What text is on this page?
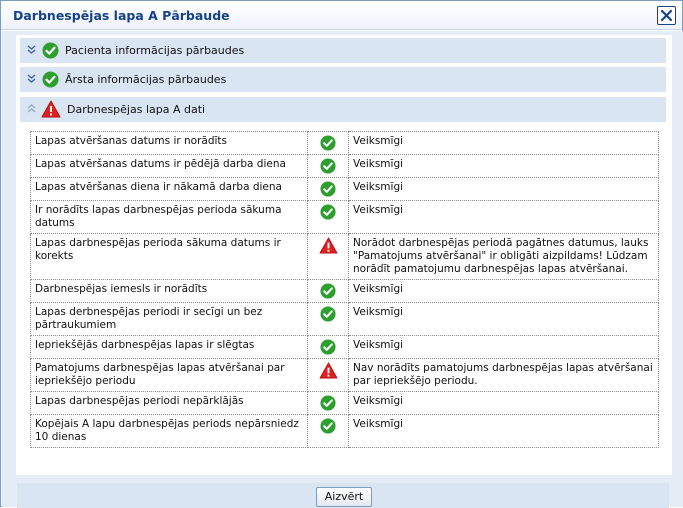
Darbnespējas lapa A Pārbaude
Pacienta informācijas pārbaudes
Ārsta informācijas pārbaudes
Darbnespējas lapa A dati
Lapas atvēršanas datums ir norādīts		Veiksmīgi
Lapas atvēršanas datums ir pēdējā darba diena		Veiksmīgi
Lapas atvēršanas diena ir nākamā darba diena		Veiksmīgi
Ir norādīts lapas darbnespējas perioda sākuma datums		Veiksmīgi
Lapas darbnespējas perioda sākuma datums ir korekts		Norādot darbnespējas periodā pagātnes datumus, lauks "Pamatojums atvēršanai" ir obligāti aizpildams! Lūdzam norādīt pamatojumu darbnespējas lapas atvēršanai.
Darbnespējas iemesls ir norādīts		Veiksmīgi
Lapas derbnespējas periodi ir secīgi un bez pārtraukumiem		Veiksmīgi
Iepriekšējās darbnespējas lapas ir slēgtas		Veiksmīgi
Pamatojums darbnespējas lapas atvēršanai par iepriekšējo periodu		Nav norādīts pamatojums darbnespējas lapas atvēršanai par iepriekšējo periodu.
Lapas darbnespējas periodi nepārklājās		Veiksmīgi
Kopējais A lapu darbnespējas periods nepārsniedz 10 dienas		Veiksmīgi
Aizvērt
